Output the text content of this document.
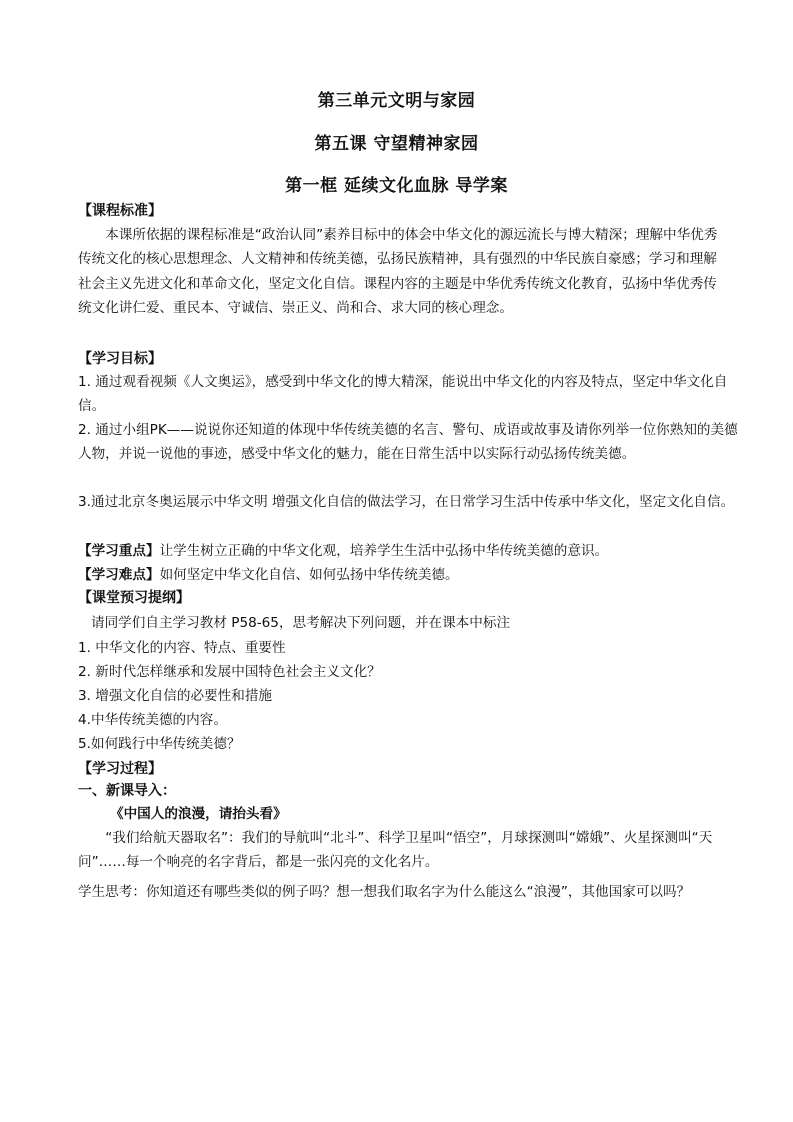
第三单元文明与家园
第五课 守望精神家园
第一框 延续文化血脉 导学案
【课程标准】
本课所依据的课程标准是“政治认同”素养目标中的体会中华文化的源远流长与博大精深；理解中华优秀传统文化的核心思想理念、人文精神和传统美德，弘扬民族精神，具有强烈的中华民族自豪感；学习和理解社会主义先进文化和革命文化，坚定文化自信。课程内容的主题是中华优秀传统文化教育，弘扬中华优秀传统文化讲仁爱、重民本、守诚信、崇正义、尚和合、求大同的核心理念。
【学习目标】
1. 通过观看视频《人文奥运》，感受到中华文化的博大精深，能说出中华文化的内容及特点，坚定中华文化自信。
2. 通过小组PK——说说你还知道的体现中华传统美德的名言、警句、成语或故事及请你列举一位你熟知的美德人物，并说一说他的事迹，感受中华文化的魅力，能在日常生活中以实际行动弘扬传统美德。
3.通过北京冬奥运展示中华文明 增强文化自信的做法学习，在日常学习生活中传承中华文化，坚定文化自信。
【学习重点】让学生树立正确的中华文化观，培养学生生活中弘扬中华传统美德的意识。
【学习难点】如何坚定中华文化自信、如何弘扬中华传统美德。
【课堂预习提纲】
请同学们自主学习教材 P58-65，思考解决下列问题，并在课本中标注
1. 中华文化的内容、特点、重要性
2. 新时代怎样继承和发展中国特色社会主义文化？
3. 增强文化自信的必要性和措施
4.中华传统美德的内容。
5.如何践行中华传统美德？
【学习过程】
一、新课导入：
《中国人的浪漫，请抬头看》
“我们给航天器取名”：我们的导航叫“北斗”、科学卫星叫“悟空”，月球探测叫“嫦娥”、火星探测叫“天问”……每一个响亮的名字背后，都是一张闪亮的文化名片。
学生思考：你知道还有哪些类似的例子吗？想一想我们取名字为什么能这么“浪漫”，其他国家可以吗？
